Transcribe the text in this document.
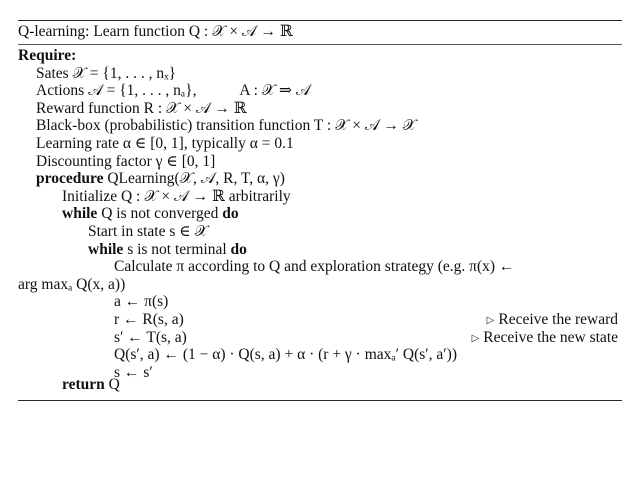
Q-learning: Learn function Q : 𝒳 × 𝒜 → ℝ
Require:
Sates 𝒳 = {1, . . . , nₓ}
Actions 𝒜 = {1, . . . , nₐ},	A : 𝒳 ⇒ 𝒜
Reward function R : 𝒳 × 𝒜 → ℝ
Black-box (probabilistic) transition function T : 𝒳 × 𝒜 → 𝒳
Learning rate α ∈ [0, 1], typically α = 0.1
Discounting factor γ ∈ [0, 1]
procedure QLearning(𝒳, 𝒜, R, T, α, γ)
Initialize Q : 𝒳 × 𝒜 → ℝ arbitrarily
while Q is not converged do
Start in state s ∈ 𝒳
while s is not terminal do
Calculate π according to Q and exploration strategy (e.g. π(x) ←
arg maxₐ Q(x, a))
a ← π(s)
r ← R(s, a)	▷ Receive the reward
s′ ← T(s, a)	▷ Receive the new state
Q(s′, a) ← (1 − α) · Q(s, a) + α · (r + γ · maxₐ′ Q(s′, a′))
s ← s′
return Q
